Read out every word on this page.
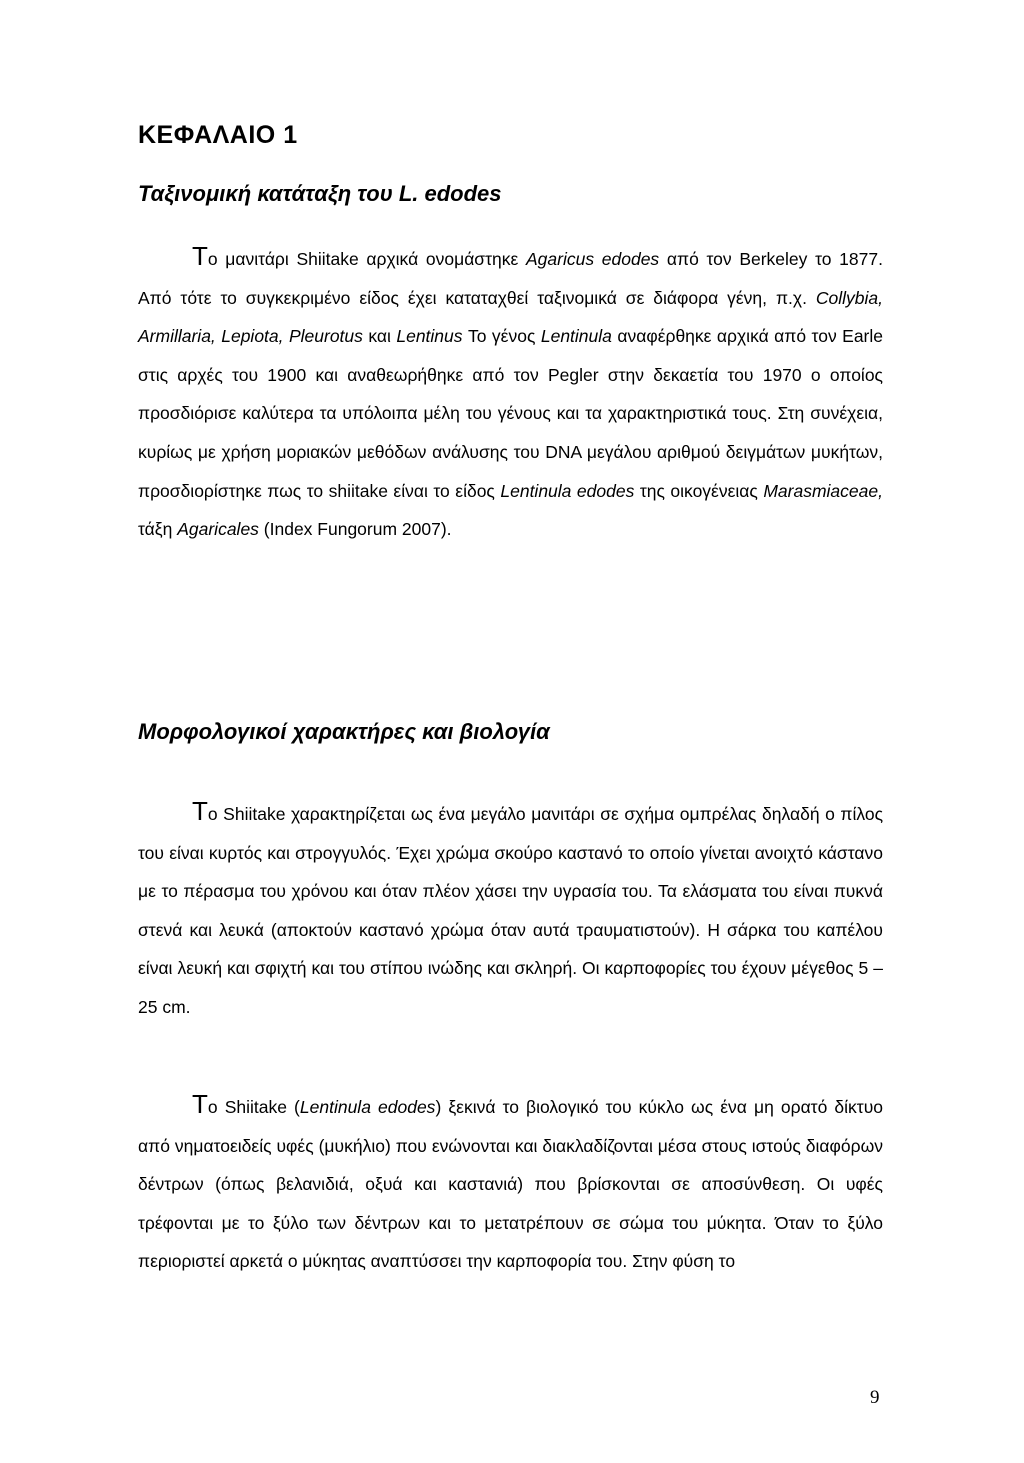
ΚΕΦΑΛΑΙΟ 1
Ταξινομική κατάταξη του L. edodes
Το μανιτάρι Shiitake αρχικά ονομάστηκε Agaricus edodes από τον Berkeley το 1877. Από τότε το συγκεκριμένο είδος έχει καταταχθεί ταξινομικά σε διάφορα γένη, π.χ. Collybia, Armillaria, Lepiota, Pleurotus και Lentinus Το γένος Lentinula αναφέρθηκε αρχικά από τον Earle στις αρχές του 1900 και αναθεωρήθηκε από τον Pegler στην δεκαετία του 1970 ο οποίος προσδιόρισε καλύτερα τα υπόλοιπα μέλη του γένους και τα χαρακτηριστικά τους. Στη συνέχεια, κυρίως με χρήση μοριακών μεθόδων ανάλυσης του DNA μεγάλου αριθμού δειγμάτων μυκήτων, προσδιορίστηκε πως το shiitake είναι το είδος Lentinula edodes της οικογένειας Marasmiaceae, τάξη Agaricales (Index Fungorum 2007).
Μορφολογικοί χαρακτήρες και βιολογία
Το Shiitake χαρακτηρίζεται ως ένα μεγάλο μανιτάρι σε σχήμα ομπρέλας δηλαδή ο πίλος του είναι κυρτός και στρογγυλός. Έχει χρώμα σκούρο καστανό το οποίο γίνεται ανοιχτό κάστανο με το πέρασμα του χρόνου και όταν πλέον χάσει την υγρασία του. Τα ελάσματα του είναι πυκνά στενά και λευκά (αποκτούν καστανό χρώμα όταν αυτά τραυματιστούν). Η σάρκα του καπέλου είναι λευκή και σφιχτή και του στίπου ινώδης και σκληρή. Οι καρποφορίες του έχουν μέγεθος 5 – 25 cm.
Το Shiitake (Lentinula edodes) ξεκινά το βιολογικό του κύκλο ως ένα μη ορατό δίκτυο από νηματοειδείς υφές (μυκήλιο) που ενώνονται και διακλαδίζονται μέσα στους ιστούς διαφόρων δέντρων (όπως βελανιδιά, οξυά και καστανιά) που βρίσκονται σε αποσύνθεση. Οι υφές τρέφονται με το ξύλο των δέντρων και το μετατρέπουν σε σώμα του μύκητα. Όταν το ξύλο περιοριστεί αρκετά ο μύκητας αναπτύσσει την καρποφορία του. Στην φύση το
9
